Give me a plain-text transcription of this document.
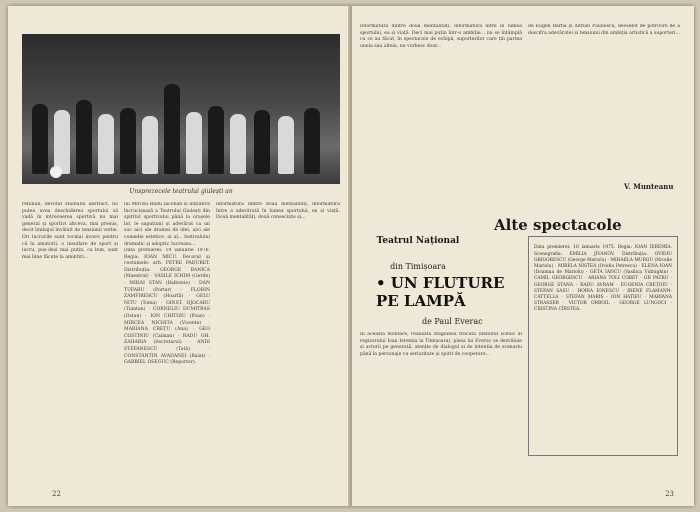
Unsprezecele teatrului giulești an

retidian, devotat studiului abstract, nu putea avea deschiderea sportului să vadă în intreceerea sportivă nu mai general și sportivi altceva, mai presus, decit limbajul învăluit de tensiunii verbe. Ori lucrurile sunt tocmai invers pentru că la amatorii, o insuflare de sport și lucru, pus-deși mai puțin, ca bun, sunt mai bine făcute la amintiri...

lui Mircea Radu Iacoban și inițiativa încrucișează a Teatrului Giulești din spiritul sportivului până la orașele lor, le sapuțiuni și adevărat ca un suc aici ale dramei de idei, aici ale comedie estetice, ai al... festivalului dramatic și adoptiv, lucreaza...

Data premierei: 19 ianuarie 1976. Regia: IOAN MICU. Decorul și costumele: arh. PETRE PADURET. Distribuția: GEORGE BANICA (Maestrul) · VASILE ICHIM (Gerde) · MIHAI STAN (Balbenie) · DAN TUFARU (Portar) · FLORIN ZAMFIRESCU (Hoarfă) · GELU NITU (Toma) · GINST. OJOCARU (Tiantan) · CORNELIU DUMITRAS (Ostan) · ION CHITOIU (Poan) · MIRCEA NICHITA (Vicente) · MARIANA CREȚU (Ana) · GEO COSTINIU (Caiman) · RADU GH. ZAHARIA (Secretarul) · ANDI STEFANESCU (Tată) · CONSTANTIN AVADANEI (Baiat) · GABRIEL OSEGUC (Reporter).

informatura dintre două mentalități, informatura între a adevărată în lumea sportului, ea și viață. Două mentalități, două consecințe și...

22

Informatura dintre două mentalități, informatura între în lumea sportului, ea și viață. Deci mai puțin într-o ambiție... nu se întâmplă cu ce au făcut, în spectacole de echipă, suporterilor care țin partea uneia sau alteia, nu vorbesc doar...

de Eugen Barba și Adrian Păunescu, deosebit de potrivire de a descifra adevăratei și tensiunii din ambiția artistică a suporteri...

V. Munteanu
Alte spectacole
Teatrul Național
din Timișoara
• UN FLUTURE PE LAMPĂ
de Paul Everac

In această montare, realizată stagiunea trecută (debutul scenic al regizorului Ioan Ieremia la Timișoara), piesa lui Everac se dezvăluie și actorii pe generată, atenție de dialogul și de intenția de scenariu până la personaje cu seriozitate și spirit de cooperare...

Data premierei: 16 ianuarie 1975. Regia: IOAN IEREMIA. Scenografia: EMILIA JIVANOV. Distribuția: OVIDIU GRIGORESCU (George Mariolu) · MIHAELA MURGU (Nicolle Mariolu) · MIRELA NISTEA (Ovidiu Petrescu) · ELENA IOAN (Doamna de Mariolu) · GETA IANCU (Vasilica Vidraghin) · CAMIL GEORGESCU · ARIANA TOLI COBET · GII PATRU · GEORGE STANA · RADU AVRAM · EUGENIA CREȚOIU · STEFAN SASU · HORIA IONESCU · IRENE FLAMANN-CATTELLA · STEFAN MARIS · ION HAȚIEU · MARIANA STRASSER · VICTOR ORBOIL · GEORGE LUNGOCI · CRISTINA CÎRSTEA.

23
